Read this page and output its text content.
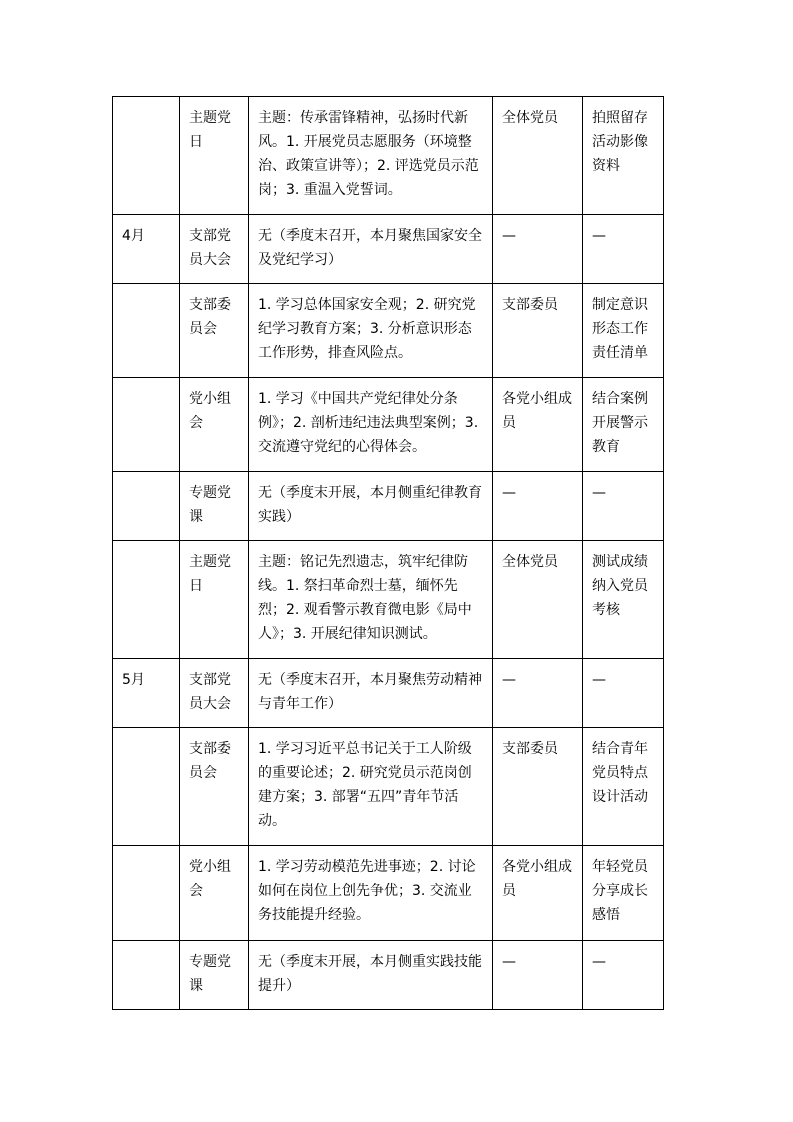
	主题党日	主题：传承雷锋精神，弘扬时代新风。1. 开展党员志愿服务（环境整治、政策宣讲等）；2. 评选党员示范岗；3. 重温入党誓词。	全体党员	拍照留存活动影像资料
4月	支部党员大会	无（季度末召开，本月聚焦国家安全及党纪学习）	—	—
	支部委员会	1. 学习总体国家安全观；2. 研究党纪学习教育方案；3. 分析意识形态工作形势，排查风险点。	支部委员	制定意识形态工作责任清单
	党小组会	1. 学习《中国共产党纪律处分条例》；2. 剖析违纪违法典型案例；3. 交流遵守党纪的心得体会。	各党小组成员	结合案例开展警示教育
	专题党课	无（季度末开展，本月侧重纪律教育实践）	—	—
	主题党日	主题：铭记先烈遗志，筑牢纪律防线。1. 祭扫革命烈士墓，缅怀先烈；2. 观看警示教育微电影《局中人》；3. 开展纪律知识测试。	全体党员	测试成绩纳入党员考核
5月	支部党员大会	无（季度末召开，本月聚焦劳动精神与青年工作）	—	—
	支部委员会	1. 学习习近平总书记关于工人阶级的重要论述；2. 研究党员示范岗创建方案；3. 部署“五四”青年节活动。	支部委员	结合青年党员特点设计活动
	党小组会	1. 学习劳动模范先进事迹；2. 讨论如何在岗位上创先争优；3. 交流业务技能提升经验。	各党小组成员	年轻党员分享成长感悟
	专题党课	无（季度末开展，本月侧重实践技能提升）	—	—
